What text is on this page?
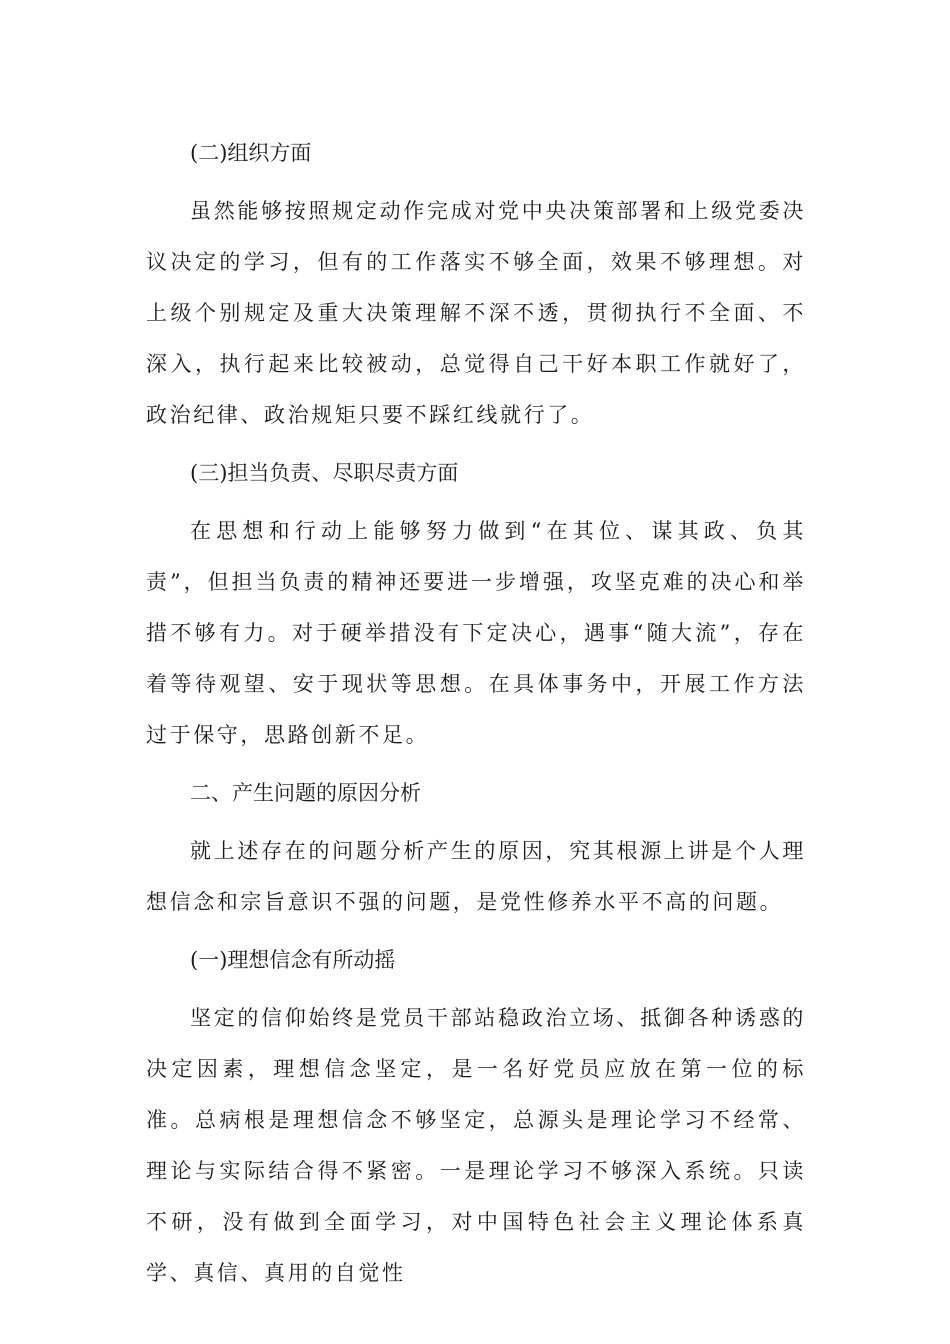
(二)组织方面

虽然能够按照规定动作完成对党中央决策部署和上级党委决议决定的学习，但有的工作落实不够全面，效果不够理想。对上级个别规定及重大决策理解不深不透，贯彻执行不全面、不深入，执行起来比较被动，总觉得自己干好本职工作就好了，政治纪律、政治规矩只要不踩红线就行了。

(三)担当负责、尽职尽责方面

在思想和行动上能够努力做到“在其位、谋其政、负其责”，但担当负责的精神还要进一步增强，攻坚克难的决心和举措不够有力。对于硬举措没有下定决心，遇事“随大流”，存在着等待观望、安于现状等思想。在具体事务中，开展工作方法过于保守，思路创新不足。

二、产生问题的原因分析

就上述存在的问题分析产生的原因，究其根源上讲是个人理想信念和宗旨意识不强的问题，是党性修养水平不高的问题。

(一)理想信念有所动摇

坚定的信仰始终是党员干部站稳政治立场、抵御各种诱惑的决定因素，理想信念坚定，是一名好党员应放在第一位的标准。总病根是理想信念不够坚定，总源头是理论学习不经常、理论与实际结合得不紧密。一是理论学习不够深入系统。只读不研，没有做到全面学习，对中国特色社会主义理论体系真学、真信、真用的自觉性
